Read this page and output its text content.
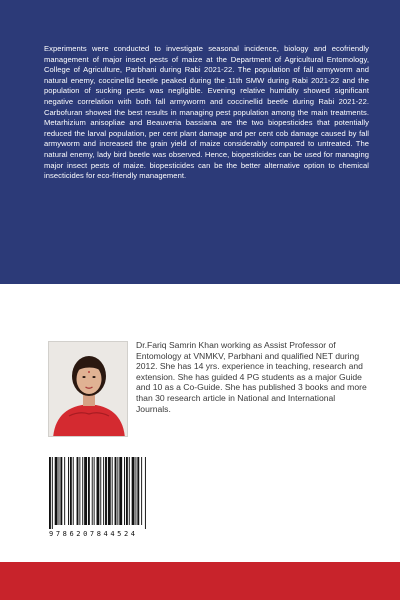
Experiments were conducted to investigate seasonal incidence, biology and ecofriendly management of major insect pests of maize at the Department of Agricultural Entomology, College of Agriculture, Parbhani during Rabi 2021-22. The population of fall armyworm and natural enemy, coccinellid beetle peaked during the 11th SMW during Rabi 2021-22 and the population of sucking pests was negligible. Evening relative humidity showed significant negative correlation with both fall armyworm and coccinellid beetle during Rabi 2021-22. Carbofuran showed the best results in managing pest population among the main treatments. Metarhizium anisopliae and Beauveria bassiana are the two biopesticides that potentially reduced the larval population, per cent plant damage and per cent cob damage caused by fall armyworm and increased the grain yield of maize considerably compared to untreated. The natural enemy, lady bird beetle was observed. Hence, biopesticides can be used for managing major insect pests of maize. biopesticides can be the better alternative option to chemical insecticides for eco-friendly management.

Dr.Fariq Samrin Khan working as Assist Professor of Entomology at VNMKV, Parbhani and qualified NET during 2012. She has 14 yrs. experience in teaching, research and extension. She has guided 4 PG students as a major Guide and 10 as a Co-Guide. She has published 3 books and more than 30 research article in National and International Journals.

9786207844524
